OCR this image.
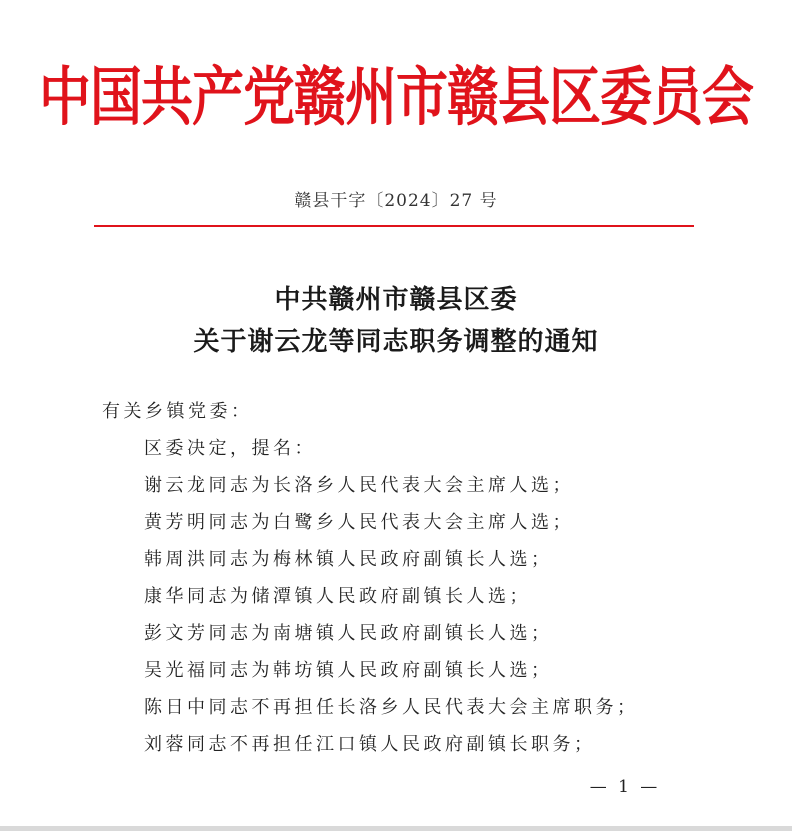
中国共产党赣州市赣县区委员会
赣县干字〔2024〕27 号
中共赣州市赣县区委
关于谢云龙等同志职务调整的通知
有关乡镇党委：
区委决定，提名：
谢云龙同志为长洛乡人民代表大会主席人选；
黄芳明同志为白鹭乡人民代表大会主席人选；
韩周洪同志为梅林镇人民政府副镇长人选；
康华同志为储潭镇人民政府副镇长人选；
彭文芳同志为南塘镇人民政府副镇长人选；
吴光福同志为韩坊镇人民政府副镇长人选；
陈日中同志不再担任长洛乡人民代表大会主席职务；
刘蓉同志不再担任江口镇人民政府副镇长职务；
— 1 —
